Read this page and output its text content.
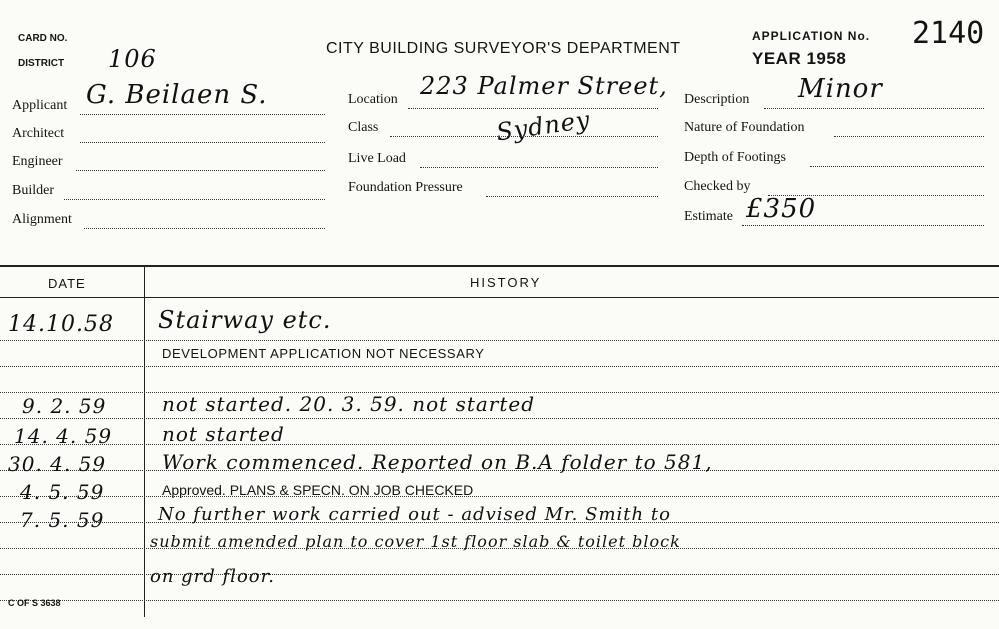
CARD NO.
DISTRICT 106	CITY BUILDING SURVEYOR'S DEPARTMENT
APPLICATION No. 2140
YEAR 1958
Applicant G. Beilaen S.
Architect
Engineer
Builder
Alignment
Location 223 Palmer Street,
Class	Sydney
Live Load
Foundation Pressure
Description Minor
Nature of Foundation
Depth of Footings
Checked by
Estimate £350
DATE	HISTORY
14.10.58 Stairway etc.
DEVELOPMENT APPLICATION NOT NECESSARY
9. 2. 59	not started. 20. 3. 59. not started
14. 4. 59 not started
30. 4. 59	Work commenced. Reported on B.A folder to 581,
4. 5. 59	Approved. PLANS & SPECN. ON JOB CHECKED
7. 5. 59	No further work carried out - advised Mr. Smith to
submit amended plan to cover 1st floor slab & toilet block
on grd floor.
C OF S 3638
